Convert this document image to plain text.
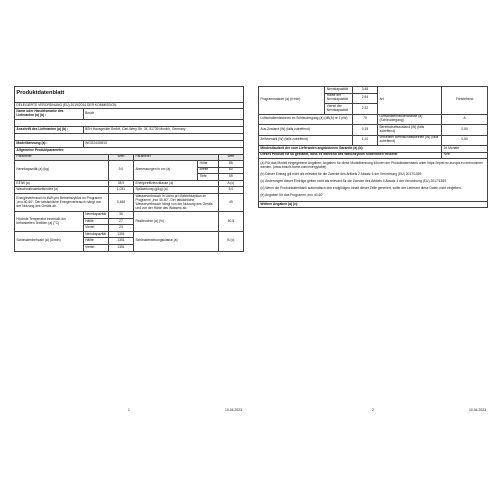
Produktdatenblatt					
DELEGIERTE VERORDNUNG (EU) 2019/2014 DER KOMMISSION					
Name oder Handelsmarke des Lieferanten (a) (b) :	Bosch				

Anschrift des Lieferanten (a) (b) :	BSH Hausgeräte GmbH, Carl-Wery-Str. 34, 81739 Munich, Germany				

Modellkennung (a) :	WGG2440M10				
Allgemeine Produktparameter:					
Parameter		Wert	Parameter		Wert
Nennkapazität (a) (kg)		9,0	Abmessungen in cm (a)	Höhe	85
				Breite	60
				Tiefe	59
EEIW (a)		48,9	Energieeffizienzklasse (a)		A (c)
Waschwirksamkeitsindex (a)		1,031	Spülwirkung (g/kg) (a)		5,0
Energieverbrauch in kWh pro Betriebszyklus im Programm „eco 40-60". Der tatsächliche Energieverbrauch hängt von der Nutzung des Geräts ab.		0,468	Wasserverbrauch in Litern pro Betriebszyklus im Programm „eco 40-60". Der tatsächliche Wasserverbrauch hängt von der Nutzung des Geräts und von der Härte des Wassers ab.		49
Höchste Temperatur innerhalb der behandelten Textilien (a) (°C)	Nennkapazität	36	Restfeuchte (a) (%)		50,5
	Hälfte	27			
	Viertel	23			
Schleuderdrehzahl (a) (U/min)	Nennkapazität	1351	Schleuderwirkungsklasse (a)		B (c)
	Hälfte	1351			
	Viertel	1351			
1	10.04.2023
Programmdauer (a) (h:min)	Nennkapazität	3:48	Art	Freistehend
	Hälfte der Nennkapazität	2:54		
	Viertel der Nennkapazität	2:32		
Luftschallemissionen im Schleudergang (a) (dB(A) re 1 pW)		70	Luftschallemissionsklasse (a) (Schleudergang)	A
Aus-Zustand (W) (falls zutreffend)		0,15	Bereitschaftszustand (W) (falls zutreffend)	0,50
Zeitvorwahl (W) (falls zutreffend)		1,10	vernetzter Bereitschaftsbetrieb (W) (falls zutreffend)	0,50
Mindestlaufzeit der vom Lieferanten angebotenen Garantie (a) (b):				24 Monate
Dieses Produkt ist so gestaltet, dass es während des Waschzyklus Silberionen freisetzt				Nein

(a) Für das Modell eingegebene Angaben; Angaben für diese Modellkennung können der Produktdatenbank unter https://eprel.ec.europa.eu entnommen werden. (www.bosch-home.com/energylabel)
(b) Dieser Eintrag gilt nicht als relevant für die Zwecke des Artikels 2 Absatz 6 der Verordnung (EU) 2017/1369.
(c) Änderungen dieser Einträge gelten nicht als relevant für die Zwecke des Artikels 4 Absatz 4 der Verordnung (EU) 2017/1369.
(d) Wenn die Produktdatenbank automatisch den endgültigen Inhalt dieser Zelle generiert, sollte der Lieferant diese Daten nicht eingeben.
(e) Angaben für das Programm „eco 40-60"				

Weitere Angaben (a) (e):				
2	10.04.2023
